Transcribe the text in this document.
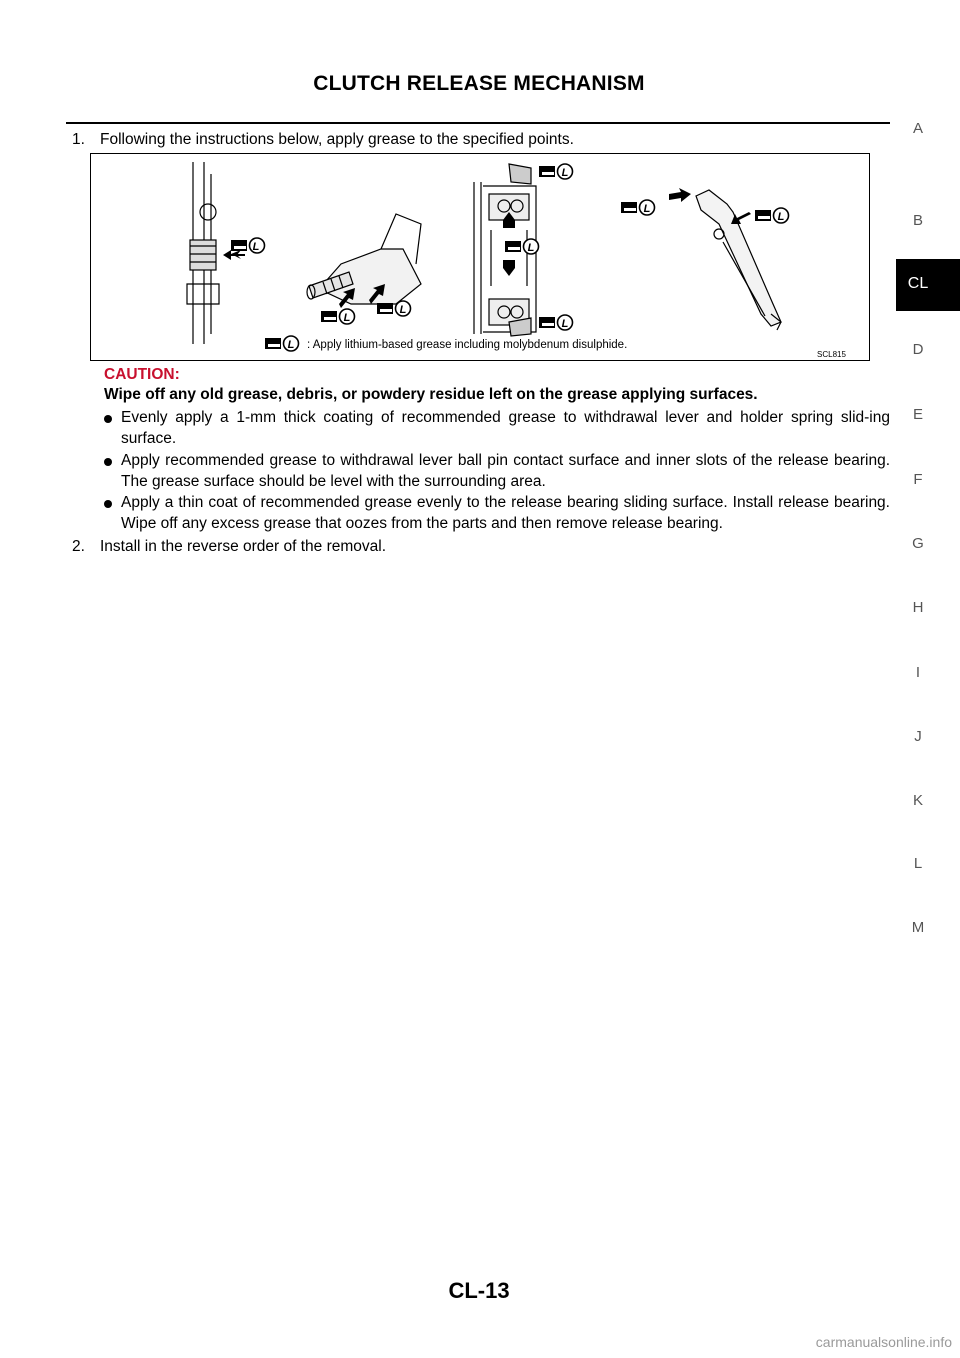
CLUTCH RELEASE MECHANISM
1. Following the instructions below, apply grease to the specified points.
L
L
L
L
L
L
L
L
L : Apply lithium-based grease including molybdenum disulphide.
SCL815
CAUTION:
Wipe off any old grease, debris, or powdery residue left on the grease applying surfaces.
Evenly apply a 1-mm thick coating of recommended grease to withdrawal lever and holder spring slid-ing surface.
Apply recommended grease to withdrawal lever ball pin contact surface and inner slots of the release bearing. The grease surface should be level with the surrounding area.
Apply a thin coat of recommended grease evenly to the release bearing sliding surface. Install release bearing. Wipe off any excess grease that oozes from the parts and then remove release bearing.
2. Install in the reverse order of the removal.
A
B
D
E
F
G
H
I
J
K
L
M
CL
CL-13
carmanualsonline.info
